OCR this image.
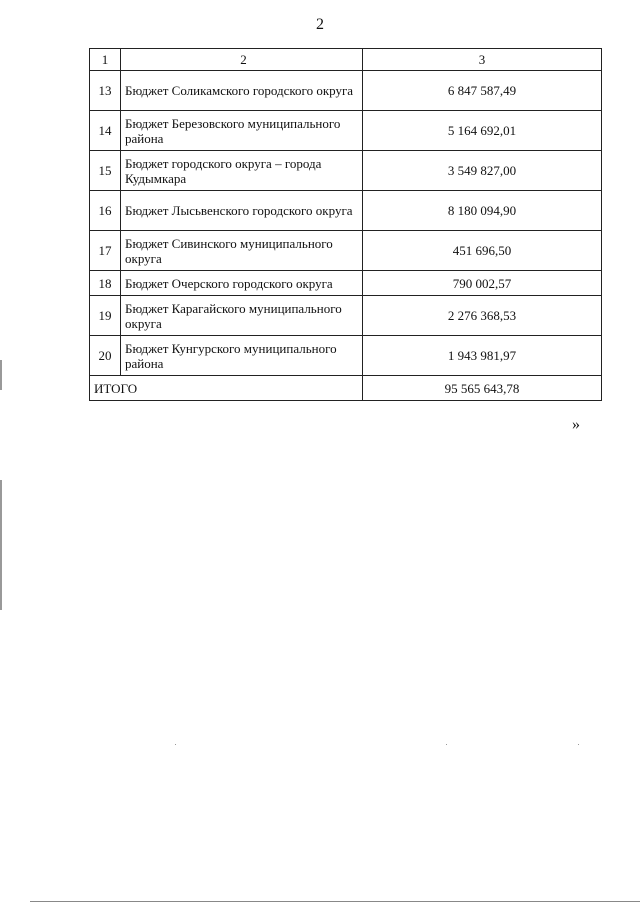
2
1	2	3
13	Бюджет Соликамского городского округа	6 847 587,49
14	Бюджет Березовского муниципального района	5 164 692,01
15	Бюджет городского округа – города Кудымкара	3 549 827,00
16	Бюджет Лысьвенского городского округа	8 180 094,90
17	Бюджет Сивинского муниципального округа	451 696,50
18	Бюджет Очерского городского округа	790 002,57
19	Бюджет Карагайского муниципального округа	2 276 368,53
20	Бюджет Кунгурского муниципального района	1 943 981,97
ИТОГО		95 565 643,78
»
